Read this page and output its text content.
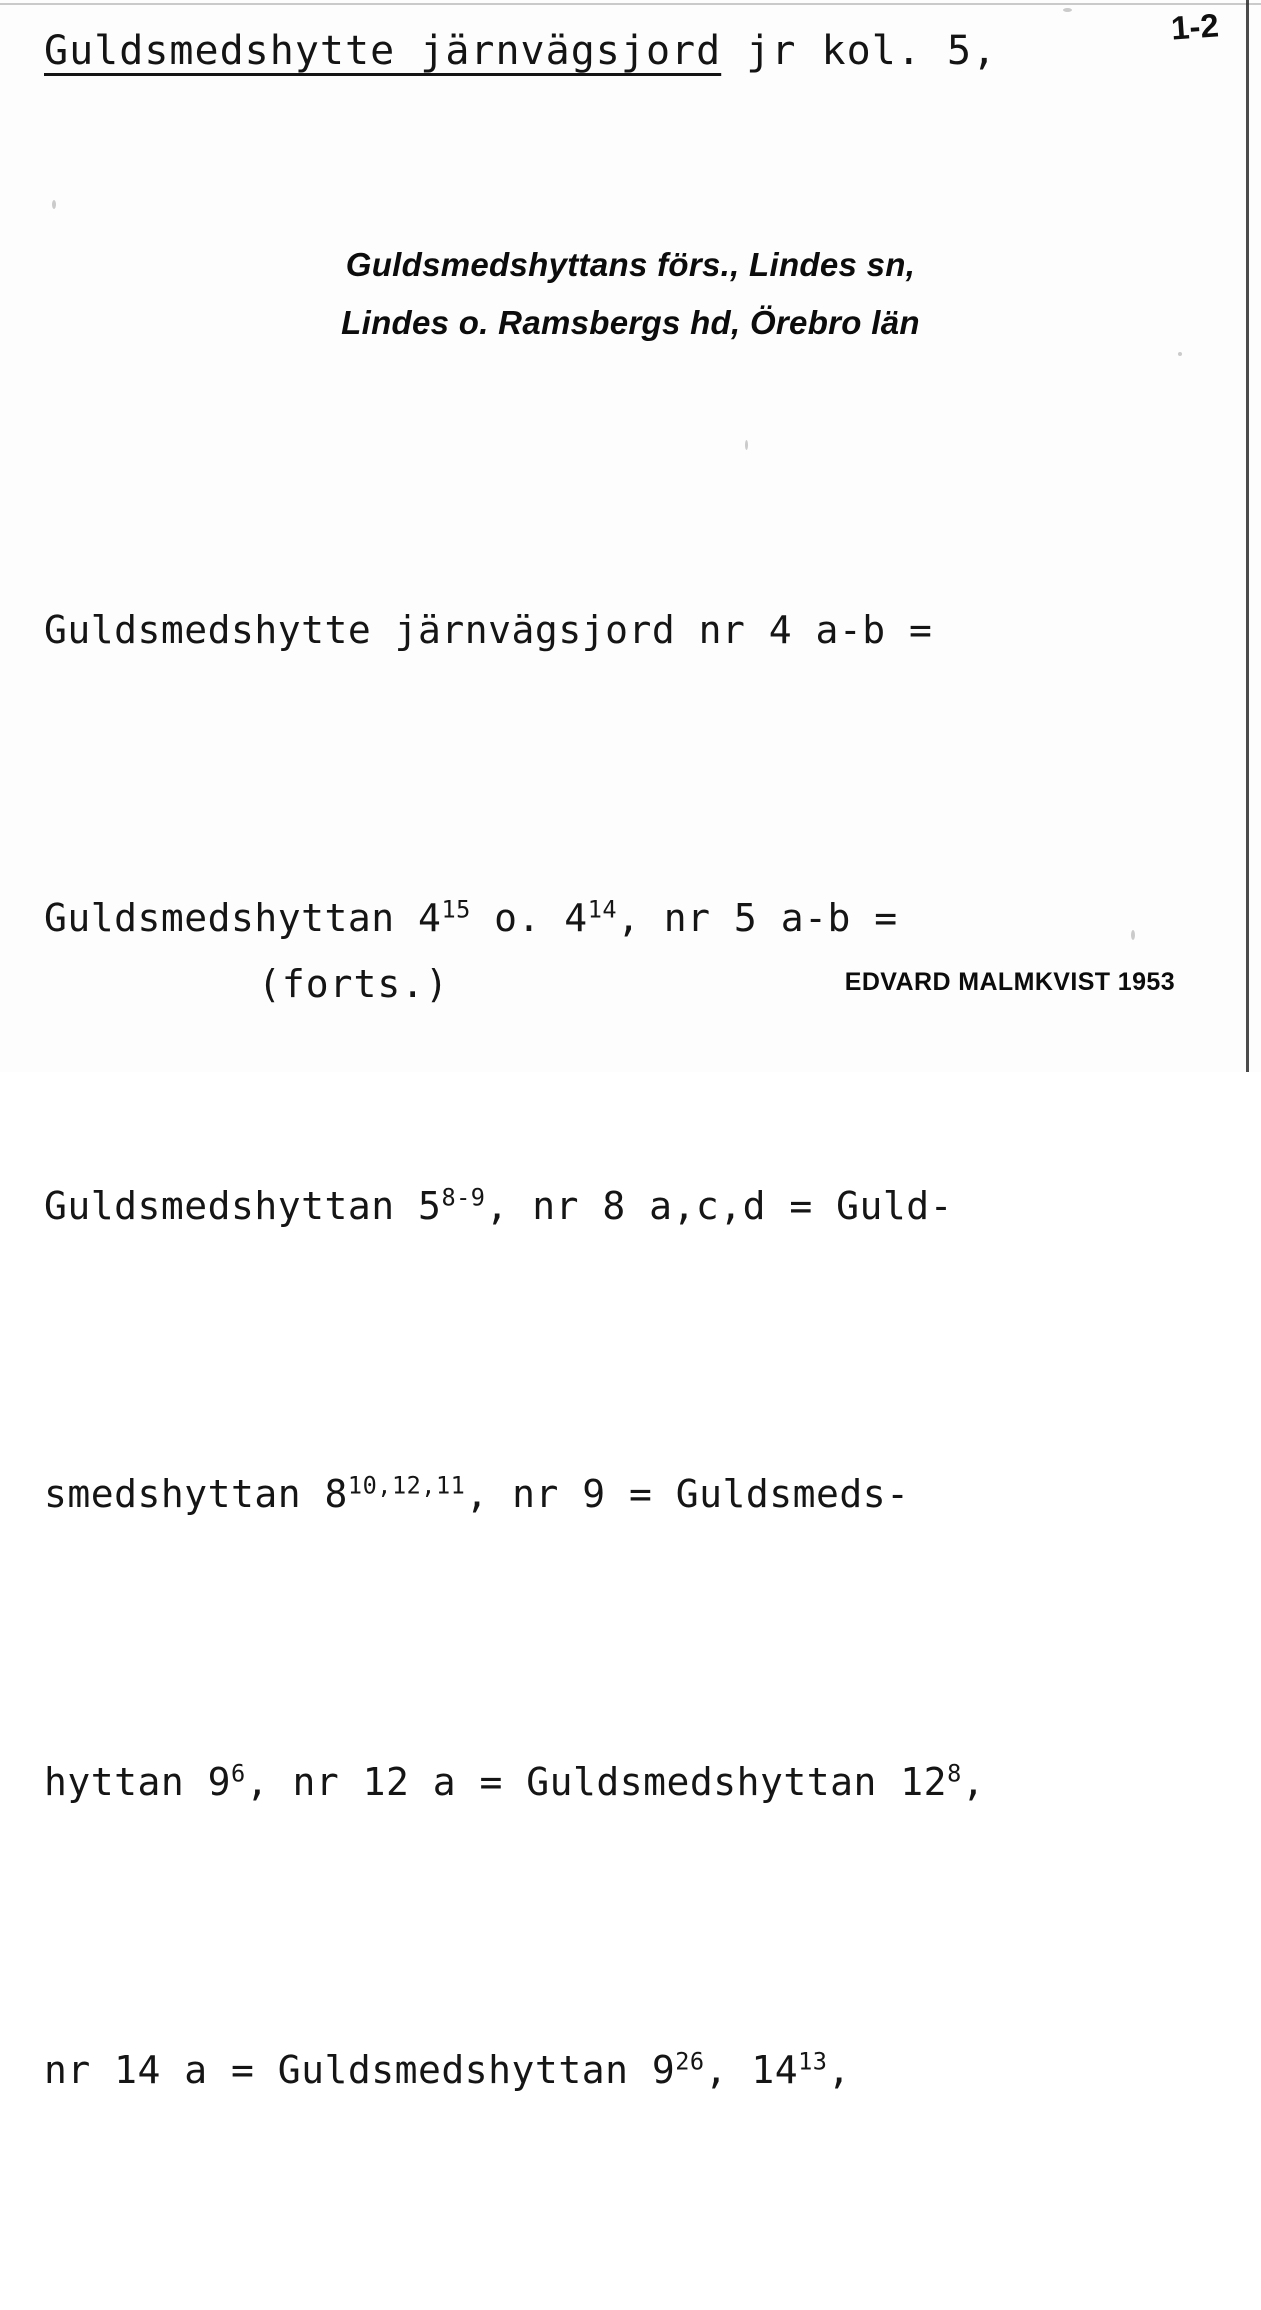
1-2
Guldsmedshytte järnvägsjord jr kol. 5,
Guldsmedshyttans förs., Lindes sn,
Lindes o. Ramsbergs hd, Örebro län

Guldsmedshytte järnvägsjord nr 4 a-b =

Guldsmedshyttan $4^{15}$ o. $4^{14}$, nr 5 a-b =

Guldsmedshyttan 5$^{8-9}$, nr 8 a,c,d = Guld-

smedshyttan 8$^{10,12,11}$, nr 9 = Guldsmeds-

hyttan $9^6$, nr 12 a = Guldsmedshyttan $12^8$,

nr 14 a = Guldsmedshyttan $9^{26}$, $14^{13}$,

(forts.)	EDVARD MALMKVIST 1953
